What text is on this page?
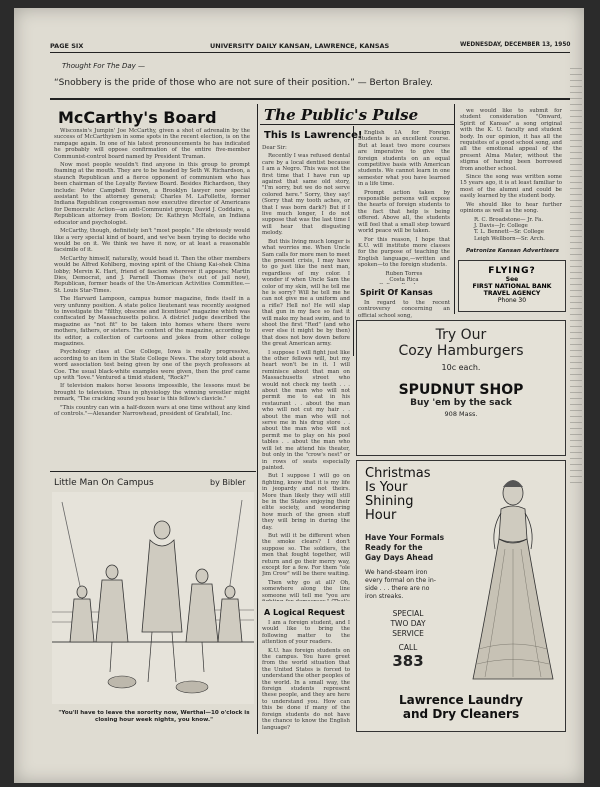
PAGE SIX	UNIVERSITY DAILY KANSAN, LAWRENCE, KANSAS	WEDNESDAY, DECEMBER 13, 1950
Thought For The Day —
“Snobbery is the pride of those who are not sure of their position.” — Berton Braley.
McCarthy's Board

Wisconsin's Jumpin' Joe McCarthy, given a shot of adrenalin by the success of McCarthyism in some spots in the recent election, is on the rampage again. In one of his latest pronouncements he has indicated he probably will oppose confirmation of the entire five-member Communist-control board named by President Truman.

Now most people wouldn't find anyone in this group to prompt foaming at the mouth. They are to be headed by Seth W. Richardson, a staunch Republican and a fierce opponent of communism who has been chairman of the Loyalty Review Board. Besides Richardson, they include: Peter Campbell Brown, a Brooklyn lawyer now special assistant to the attorney general; Charles M. LaFollette, former Indiana Republican congressman now executive director of Americans for Democratic Action—an anti-Communist group; David J. Coddaire, a Republican attorney from Boston; Dr. Kathryn McHale, an Indiana educator and psychologist.

McCarthy, though, definitely isn't "most people." He obviously would like a very special kind of board, and we've been trying to decide who would be on it. We think we have it now, or at least a reasonable facsimile of it.

McCarthy himself, naturally, would head it. Then the other members would be Alfred Kohlberg, moving spirit of the Chiang Kai-shek China lobby; Mervin K. Hart, friend of fascism wherever it appears; Martin Dies, Democrat, and J. Parnell Thomas (he's out of jail now), Republican, former heads of the Un-American Activities Committee.—St. Louis Star-Times.

The Harvard Lampoon, campus humor magazine, finds itself in a very unfunny position. A state police lieutenant was recently assigned to investigate the "filthy, obscene and licentious" magazine which was confiscated by Massachusetts police. A district judge described the magazine as "not fit" to be taken into homes where there were mothers, fathers, or sisters. The content of the magazine, according to its editor, a collection of cartoons and jokes from other college magazines.

Psychology class at Coe College, Iowa is really progressive, according to an item in the State College News. The story told about a word association test being given by one of the psych professors at Coe. The usual black-white examples were given, then the prof came up with "love." Ventured a timid student, "Rock?"

If television makes horse lessons impossible, the lessons must be brought to television. Thus in physiology the winning wrestler might remark, "The cracking sound you hear is this fellow's clavicle."

"This country can win a half-dozen wars at one time without any kind of controls."—Alexander Narrowhead, president of Grafstall, Inc.

Little Man On Campus	by Bibler
"You'll have to leave the sorority now, Werthal—10 o'clock is closing hour week nights, you know."
The Public's Pulse
This Is Lawrence!
Dear Sir:

Recently I was refused dental care by a local dentist because I am a Negro. This was not the first time that I have run up against that same old story, "I'm sorry, but we do not serve colored here." Sorry, they say! (Sorry that my tooth aches, or that I was born dark?) But if I live much longer, I do not suppose that was the last time I will hear that disgusting melody.

But this living much longer is what worries me. When Uncle Sam calls for more men to meet the present crisis, I may have to go just like the next man, regardless of my color. I wonder if when Uncle Sam the color of my skin, will he tell me he is sorry? Will he tell me he can not give me a uniform and a rifle? Hell no! He will slap that gun in my face so fast it will make my head swim, and to shoot the first "Red" (and who ever else it might be by then) that does not bow down before the great American army.

I suppose I will fight just like the other fellows will, but my heart won't be in it. I will reminisce about that man on Massachusetts street who would not check my teeth . . . about the man who will not permit me to eat in his restaurant . . about the man who will not cut my hair . . about the man who will not serve me in his drug store . . about the man who will not permit me to play on his pool tables . . about the man who will let me attend his theater, but only in the "crow's nest" or in rows of seats especially painted.

But I suppose I will go on fighting, know that it is my life in jeopardy and not theirs. More than likely they will still be in the States enjoying their elite society, and wondering how much of the green stuff they will bring in during the day.

But will it be different when the smoke clears? I don't suppose so. The soldiers, the men that fought together, will return and go their merry way, except for a few. For them "ole Jim Crow" will be there waiting.

Then why go at all? Oh, somewhere along the line someone will tell me "you are

A Logical Request

I am a foreign student, and I would like to bring the following matter to the attention of your readers.

K.U. has foreign students on the campus. You have greet from the world situation that the United States is forced to understand the other peoples of the world. In a small way, the foreign students represent these people, and they are here to understand you. How can this be done if many of the foreign students do not have the chance to know the English language?

English 1A for Foreign Students is an excellent course. But at least two more courses are imperative to give the foreign students on an equal competitive basis with American students. We cannot learn in one semester what you have learned in a life time.

Prompt action taken by responsible persons will expose the hearts of foreign students to the fact that help is being offered. Above all, the students will feel that a small step toward world peace will be taken.

For this reason, I hope that K.U. will institute more classes for the purpose of teaching the English language,—written and spoken—to the foreign students.

Ruben Torres
Costa Rica
Spirit Of Kansas

In regard to the recent controversy concerning an official school song,

we would like to submit for student consideration "Onward, Spirit of Kansas" a song original with the K. U. faculty and student body. In our opinion, it has all the requisites of a good school song, and all the emotional appeal of the present Alma Mater, without the stigma of having been borrowed from another school.

Since the song was written some 15 years ago, it is at least familiar to most of the alumni and could be easily learned by the student body.

We should like to hear further opinions as well as the song.

R. C. Broadstone— Jr. Fa.
J. Davis—Jr. College
T. L. Bennett—Sr. College
Leigh Wellborn—Sr. Arch.
Patronize Kansan Advertisers
FLYING?
See
FIRST NATIONAL BANK
TRAVEL AGENCY
Phone 30
Try Our
Cozy Hamburgers
10c each.
SPUDNUT SHOP
Buy 'em by the sack
908 Mass.
Christmas
Is Your
Shining
Hour
Have Your Formals
Ready for the
Gay Days Ahead
We hand-steam iron
every formal on the in-
side . . . there are no
iron streaks.
SPECIAL
TWO DAY
SERVICE
CALL
383
Lawrence Laundry
and Dry Cleaners
